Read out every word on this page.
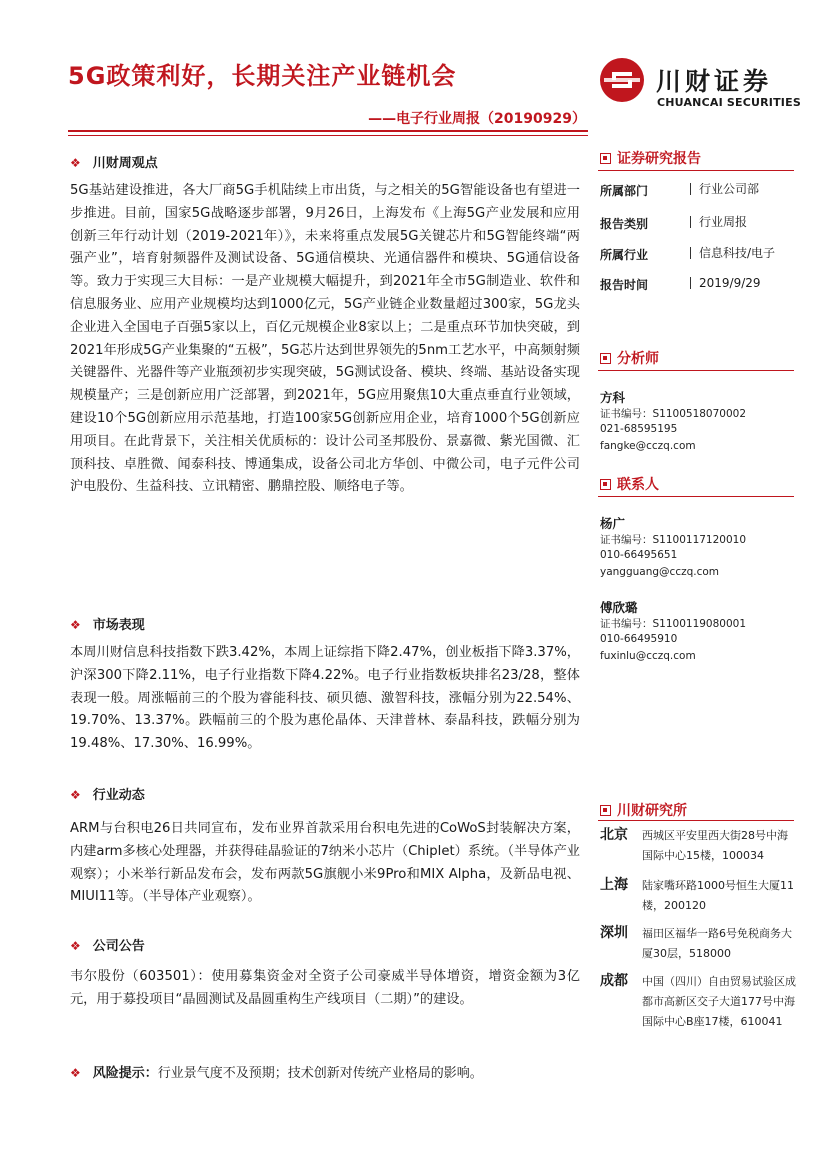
5G政策利好，长期关注产业链机会
——电子行业周报（20190929）
川财证券
CHUANCAI SECURITIES
❖ 川财周观点
5G基站建设推进，各大厂商5G手机陆续上市出货，与之相关的5G智能设备也有望进一步推进。目前，国家5G战略逐步部署，9月26日，上海发布《上海5G产业发展和应用创新三年行动计划（2019-2021年）》，未来将重点发展5G关键芯片和5G智能终端“两强产业”，培育射频器件及测试设备、5G通信模块、光通信器件和模块、5G通信设备等。致力于实现三大目标：一是产业规模大幅提升，到2021年全市5G制造业、软件和信息服务业、应用产业规模均达到1000亿元，5G产业链企业数量超过300家，5G龙头企业进入全国电子百强5家以上，百亿元规模企业8家以上；二是重点环节加快突破，到2021年形成5G产业集聚的“五极”，5G芯片达到世界领先的5nm工艺水平，中高频射频关键器件、光器件等产业瓶颈初步实现突破，5G测试设备、模块、终端、基站设备实现规模量产；三是创新应用广泛部署，到2021年，5G应用聚焦10大重点垂直行业领域，建设10个5G创新应用示范基地，打造100家5G创新应用企业，培育1000个5G创新应用项目。在此背景下，关注相关优质标的：设计公司圣邦股份、景嘉微、紫光国微、汇顶科技、卓胜微、闻泰科技、博通集成，设备公司北方华创、中微公司，电子元件公司沪电股份、生益科技、立讯精密、鹏鼎控股、顺络电子等。
❖ 市场表现
本周川财信息科技指数下跌3.42%，本周上证综指下降2.47%，创业板指下降3.37%，沪深300下降2.11%，电子行业指数下降4.22%。电子行业指数板块排名23/28，整体表现一般。周涨幅前三的个股为睿能科技、硕贝德、激智科技，涨幅分别为22.54%、19.70%、13.37%。跌幅前三的个股为惠伦晶体、天津普林、泰晶科技，跌幅分别为19.48%、17.30%、16.99%。
❖ 行业动态
ARM与台积电26日共同宣布，发布业界首款采用台积电先进的CoWoS封装解决方案，内建arm多核心处理器，并获得硅晶验证的7纳米小芯片（Chiplet）系统。（半导体产业观察）；小米举行新品发布会，发布两款5G旗舰小米9Pro和MIX Alpha，及新品电视、MIUI11等。（半导体产业观察）。
❖ 公司公告
韦尔股份（603501）：使用募集资金对全资子公司豪威半导体增资，增资金额为3亿元，用于募投项目“晶圆测试及晶圆重构生产线项目（二期）”的建设。
❖ 风险提示：行业景气度不及预期；技术创新对传统产业格局的影响。
证券研究报告
所属部门	行业公司部
报告类别	行业周报
所属行业	信息科技/电子
报告时间	2019/9/29
分析师
方科
证书编号：S1100518070002
021-68595195
fangke@cczq.com
联系人
杨广
证书编号：S1100117120010
010-66495651
yangguang@cczq.com
傅欣璐
证书编号：S1100119080001
010-66495910
fuxinlu@cczq.com
川财研究所
北京 西城区平安里西大街28号中海国际中心15楼，100034
上海 陆家嘴环路1000号恒生大厦11楼，200120
深圳 福田区福华一路6号免税商务大厦30层，518000
成都 中国（四川）自由贸易试验区成都市高新区交子大道177号中海国际中心B座17楼，610041
